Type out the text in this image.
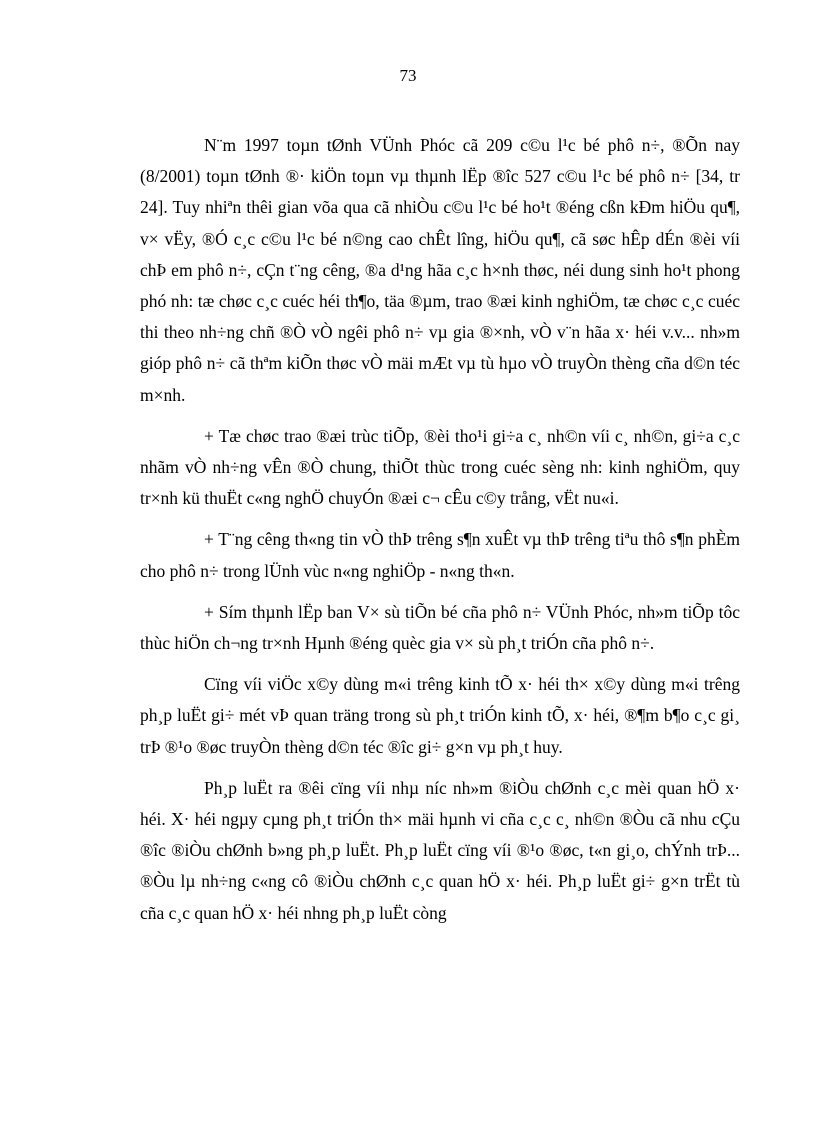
73

N¨m 1997 toµn tØnh VÜnh Phóc cã 209 c©u l¹c bé phô n÷, ®Õn nay (8/2001) toµn tØnh ®· kiÖn toµn vµ thµnh lËp ®îc 527 c©u l¹c bé phô n÷ [34, tr 24]. Tuy nhiªn thêi gian võa qua cã nhiÒu c©u l¹c bé ho¹t ®éng cßn kÐm hiÖu qu¶, v× vËy, ®Ó c¸c c©u l¹c bé n©ng cao chÊt lîng, hiÖu qu¶, cã søc hÊp dÉn ®èi víi chÞ em phô n÷, cÇn t¨ng cêng, ®a d¹ng hãa c¸c h×nh thøc, néi dung sinh ho¹t phong phó nh: tæ chøc c¸c cuéc héi th¶o, täa ®µm, trao ®æi kinh nghiÖm, tæ chøc c¸c cuéc thi theo nh÷ng chñ ®Ò vÒ ngêi phô n÷ vµ gia ®×nh, vÒ v¨n hãa x· héi v.v... nh»m gióp phô n÷ cã thªm kiÕn thøc vÒ mäi mÆt vµ tù hµo vÒ truyÒn thèng cña d©n téc m×nh.

+ Tæ chøc trao ®æi trùc tiÕp, ®èi tho¹i gi÷a c¸ nh©n víi c¸ nh©n, gi÷a c¸c nhãm vÒ nh÷ng vÊn ®Ò chung, thiÕt thùc trong cuéc sèng nh: kinh nghiÖm, quy tr×nh kü thuËt c«ng nghÖ chuyÓn ®æi c¬ cÊu c©y trång, vËt nu«i.

+ T¨ng cêng th«ng tin vÒ thÞ trêng s¶n xuÊt vµ thÞ trêng tiªu thô s¶n phÈm cho phô n÷ trong lÜnh vùc n«ng nghiÖp - n«ng th«n.

+ Sím thµnh lËp ban V× sù tiÕn bé cña phô n÷ VÜnh Phóc, nh»m tiÕp tôc thùc hiÖn ch¬ng tr×nh Hµnh ®éng quèc gia v× sù ph¸t triÓn cña phô n÷.

Cïng víi viÖc x©y dùng m«i trêng kinh tÕ x· héi th× x©y dùng m«i trêng ph¸p luËt gi÷ mét vÞ quan träng trong sù ph¸t triÓn kinh tÕ, x· héi, ®¶m b¶o c¸c gi¸ trÞ ®¹o ®øc truyÒn thèng d©n téc ®îc gi÷ g×n vµ ph¸t huy.

Ph¸p luËt ra ®êi cïng víi nhµ níc nh»m ®iÒu chØnh c¸c mèi quan hÖ x· héi. X· héi ngµy cµng ph¸t triÓn th× mäi hµnh vi cña c¸c c¸ nh©n ®Òu cã nhu cÇu ®îc ®iÒu chØnh b»ng ph¸p luËt. Ph¸p luËt cïng víi ®¹o ®øc, t«n gi¸o, chÝnh trÞ... ®Òu lµ nh÷ng c«ng cô ®iÒu chØnh c¸c quan hÖ x· héi. Ph¸p luËt gi÷ g×n trËt tù cña c¸c quan hÖ x· héi nhng ph¸p luËt còng
